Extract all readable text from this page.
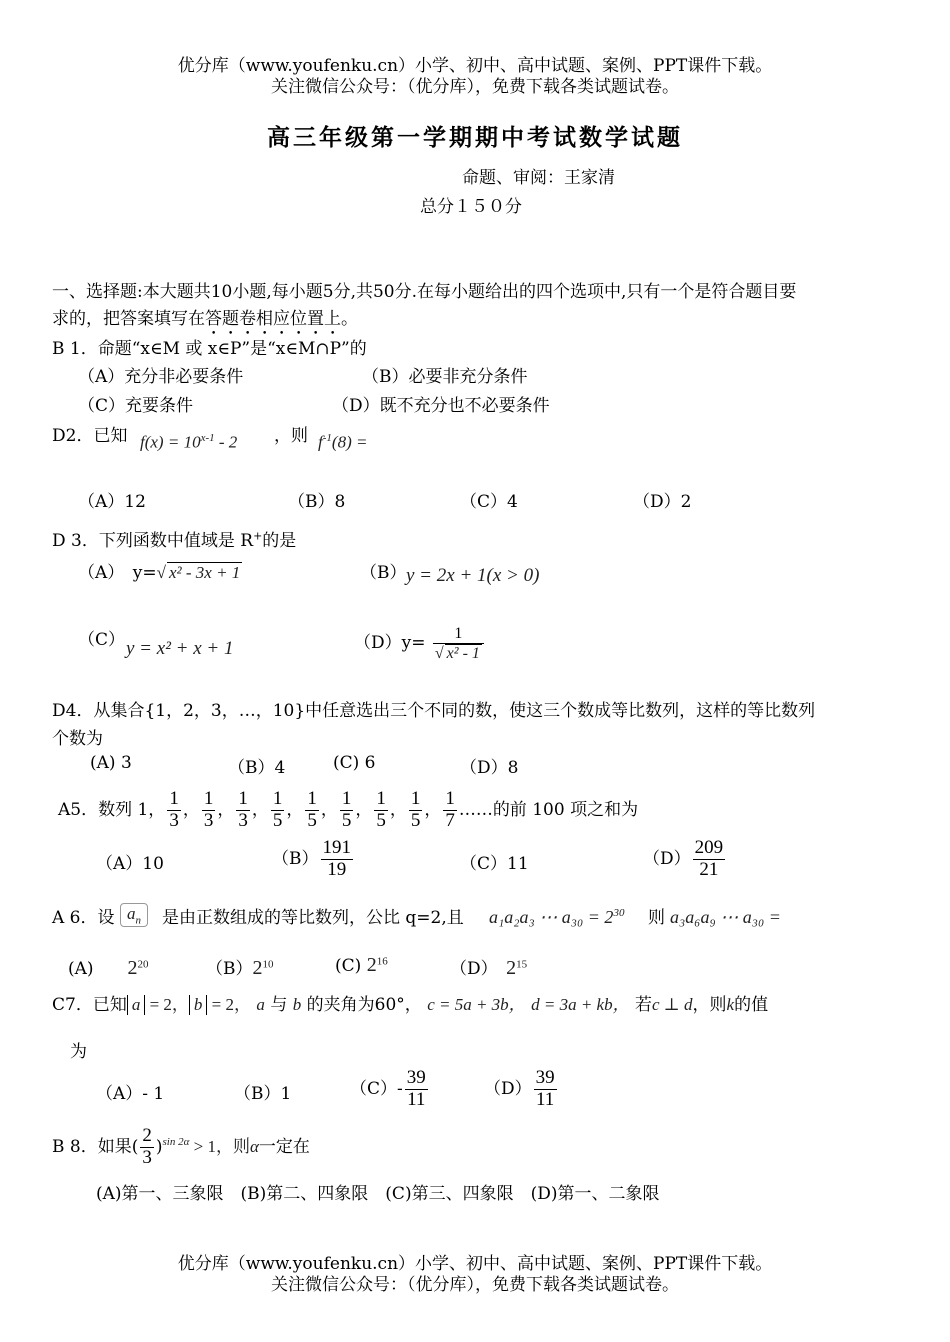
优分库（www.youfenku.cn）小学、初中、高中试题、案例、PPT课件下载。
关注微信公众号：（优分库），免费下载各类试题试卷。
高三年级第一学期期中考试数学试题
命题、审阅：王家清
总分１５０分
一、选择题:本大题共10小题,每小题5分,共50分.在每小题给出的四个选项中,只有一个是符合题目要
求的，把答案填写在答题卷相应位置上。
B 1．命题“x∈M 或 x∈P”是“x∈M∩P”的
（A）充分非必要条件	（B）必要非充分条件
（C）充要条件	（D）既不充分也不必要条件
D2．已知 $f(x) = 10^{x-1} - 2$ ，则 $f^{-1}(8)$ =
（A）12	（B）8	（C）4	（D）2
D 3．下列函数中值域是 R+的是
（A）　y=√ x² - 3x + 1	（B） y = 2x + 1(x > 0)
（C） y = x² + x + 1	$(D)y= \frac{1}{\text{√ x² - 1}}$
D4．从集合{1，2，3，…，10}中任意选出三个不同的数，使这三个数成等比数列，这样的等比数列
个数为
(A) 3	（B）4	(C) 6	（D）8
A5．数列 1， $\frac{1}{3}$ ， $\frac{1}{3}$ ， $\frac{1}{3}$ ， $\frac{1}{5}$ ， $\frac{1}{5}$ ， $\frac{1}{5}$ ， $\frac{1}{5}$ ， $\frac{1}{5}$ ， $\frac{1}{7}$ ……的前 100 项之和为
（A）10	$(B) \frac{191}{19}$	（C）11	$(D) \frac{209}{21}$
A 6．设 $a_n$	是由正数组成的等比数列，公比 q=2,且 a₁a₂a₃ ⋯ $a_{30} = 2^{30}$ 则 a₃a₆a₉ ⋯ a₃₀ =
(A)　　 $2^{20}$	$(B)2^{10}$	(C) $2^{16}$	（D）　 $2^{15}$
C7．已知 a = 2， b = 2， a 与 b 的夹角为60°， c = 5a + 3b， d = 3a + kb， 若c ⊥ d，则k的值
为
（A）- 1	（B）1	$(C)- \frac{39}{11}$	$(D) \frac{39}{11}$
B 8．如果( $\frac{2}{3} )^{sin 2\alpha} > 1$，则α一定在
(A)第一、三象限　(B)第二、四象限　(C)第三、四象限　(D)第一、二象限
优分库（www.youfenku.cn）小学、初中、高中试题、案例、PPT课件下载。
关注微信公众号：（优分库），免费下载各类试题试卷。
